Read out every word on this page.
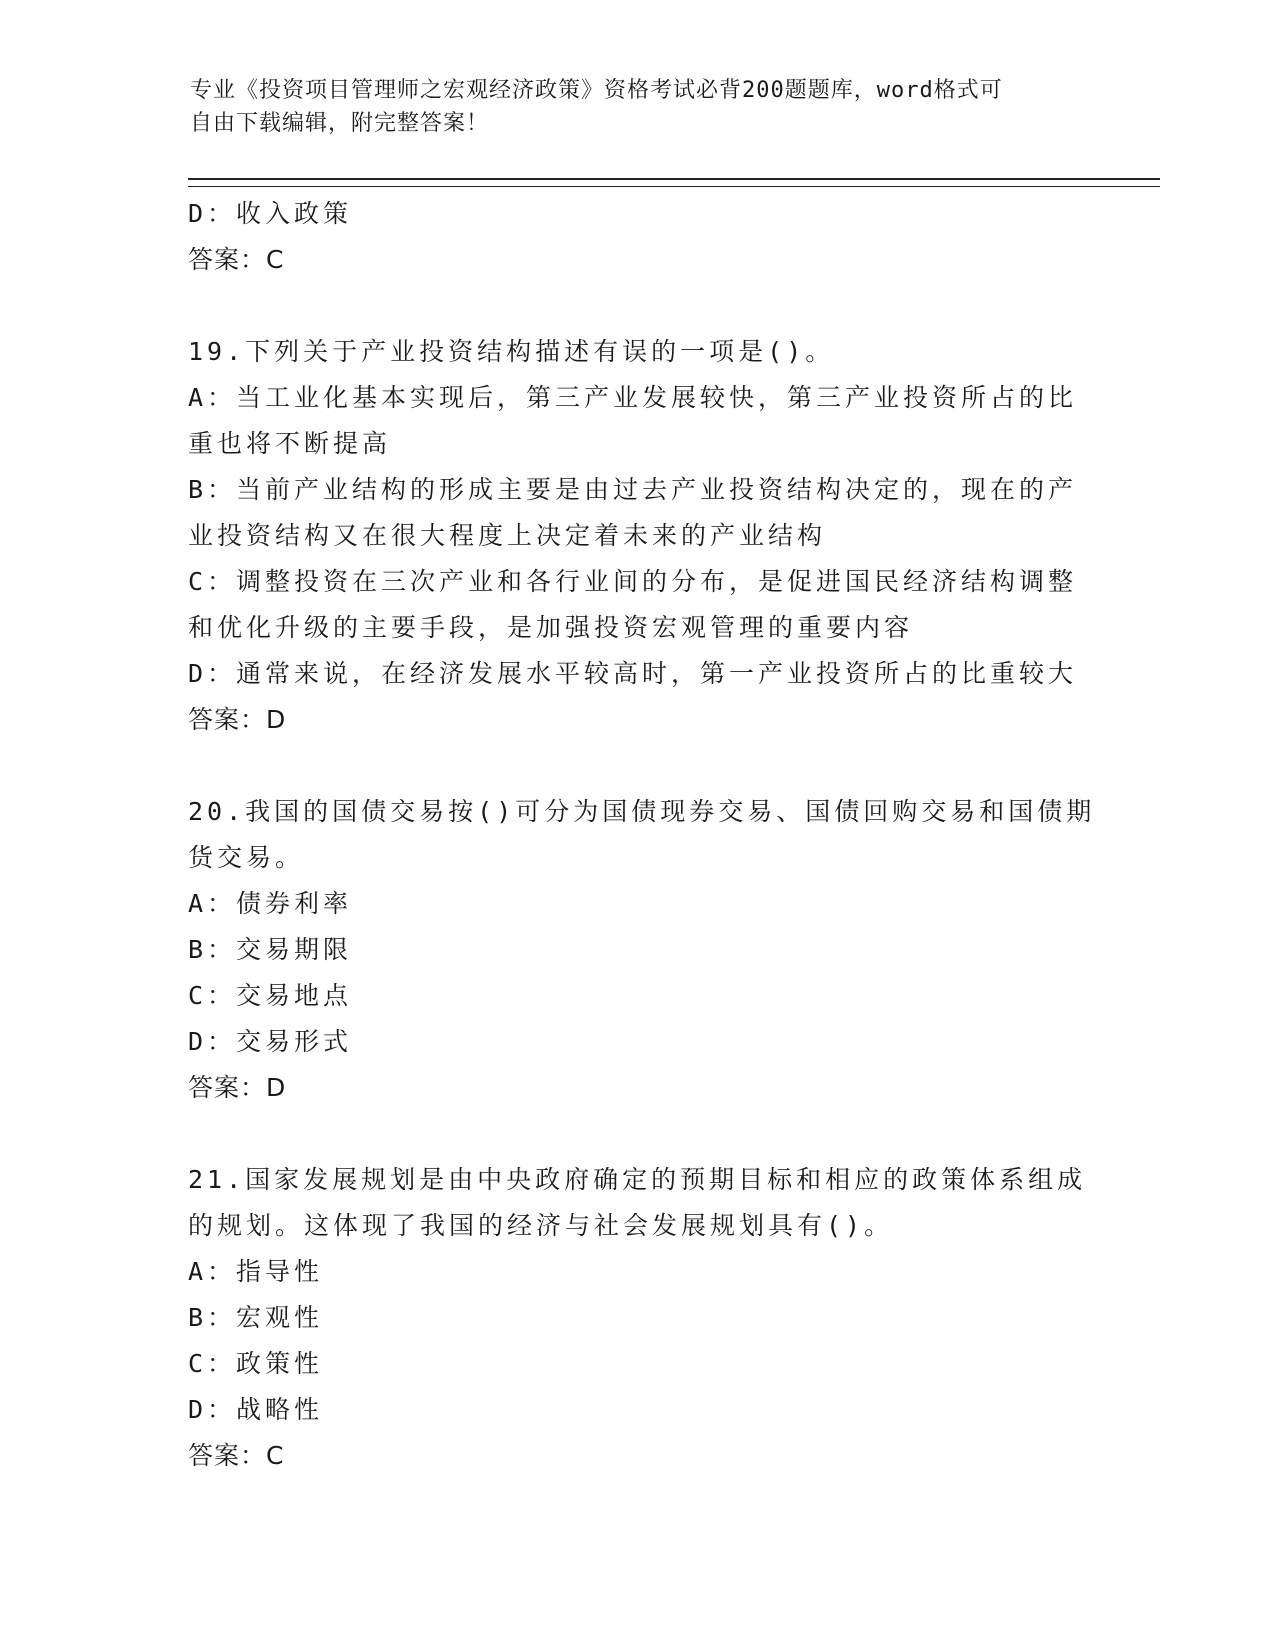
专业《投资项目管理师之宏观经济政策》资格考试必背200题题库，word格式可
自由下载编辑，附完整答案！
D：收入政策
答案：C
19.下列关于产业投资结构描述有误的一项是()。
A：当工业化基本实现后，第三产业发展较快，第三产业投资所占的比
重也将不断提高
B：当前产业结构的形成主要是由过去产业投资结构决定的，现在的产
业投资结构又在很大程度上决定着未来的产业结构
C：调整投资在三次产业和各行业间的分布，是促进国民经济结构调整
和优化升级的主要手段，是加强投资宏观管理的重要内容
D：通常来说，在经济发展水平较高时，第一产业投资所占的比重较大
答案：D
20.我国的国债交易按()可分为国债现券交易、国债回购交易和国债期
货交易。
A：债券利率
B：交易期限
C：交易地点
D：交易形式
答案：D
21.国家发展规划是由中央政府确定的预期目标和相应的政策体系组成
的规划。这体现了我国的经济与社会发展规划具有()。
A：指导性
B：宏观性
C：政策性
D：战略性
答案：C
